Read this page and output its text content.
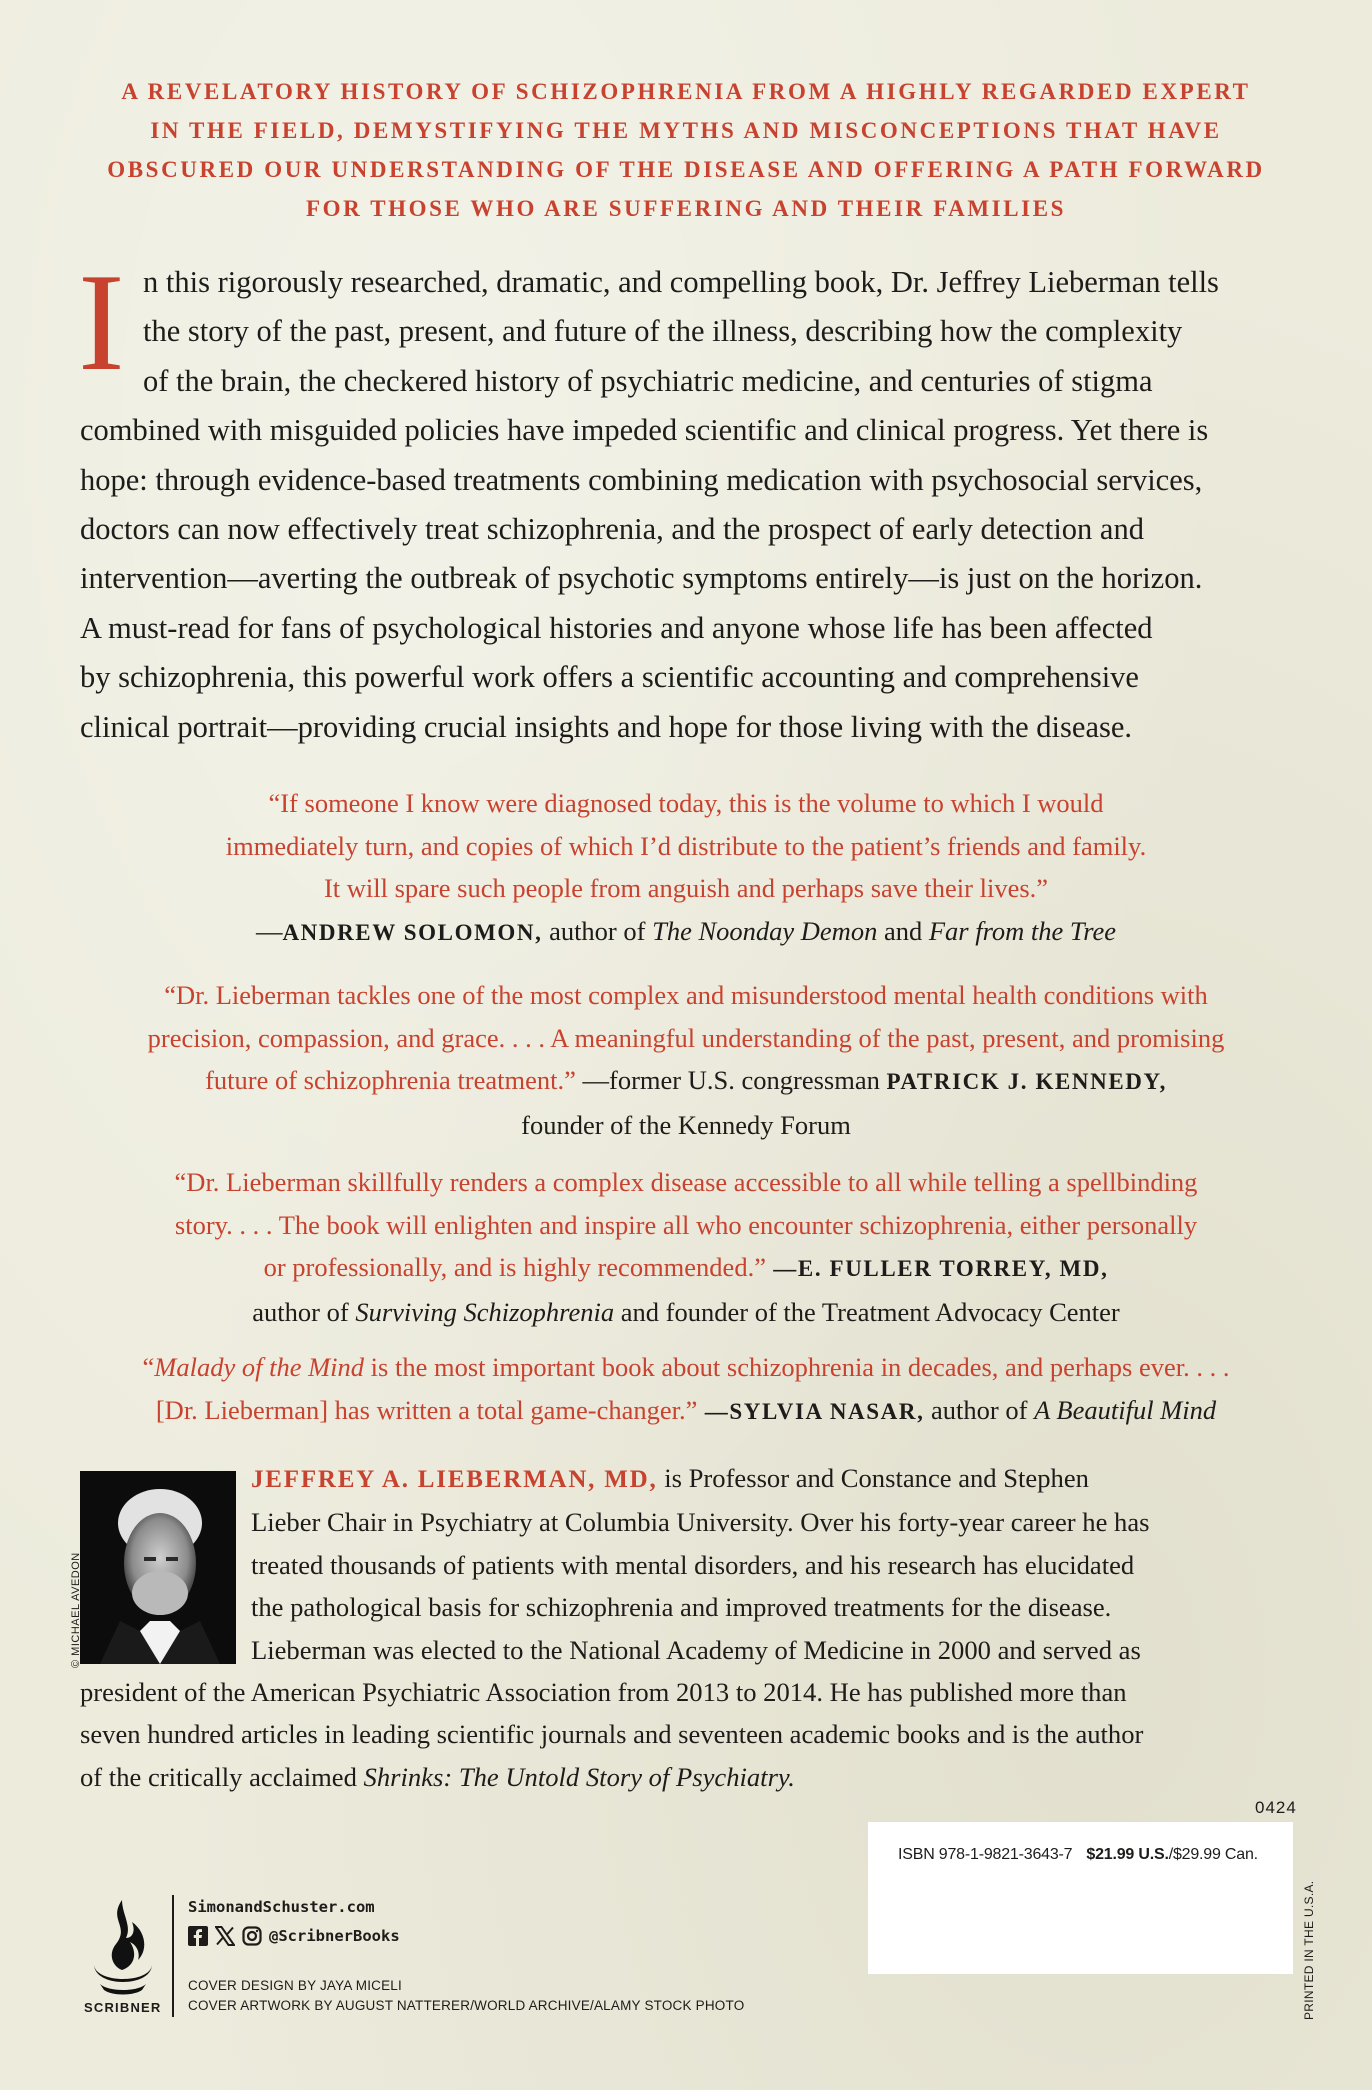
A REVELATORY HISTORY OF SCHIZOPHRENIA FROM A HIGHLY REGARDED EXPERT
IN THE FIELD, DEMYSTIFYING THE MYTHS AND MISCONCEPTIONS THAT HAVE
OBSCURED OUR UNDERSTANDING OF THE DISEASE AND OFFERING A PATH FORWARD
FOR THOSE WHO ARE SUFFERING AND THEIR FAMILIES
I n this rigorously researched, dramatic, and compelling book, Dr. Jeffrey Lieberman tells
the story of the past, present, and future of the illness, describing how the complexity
of the brain, the checkered history of psychiatric medicine, and centuries of stigma
combined with misguided policies have impeded scientific and clinical progress. Yet there is
hope: through evidence-based treatments combining medication with psychosocial services,
doctors can now effectively treat schizophrenia, and the prospect of early detection and
intervention—averting the outbreak of psychotic symptoms entirely—is just on the horizon.
A must-read for fans of psychological histories and anyone whose life has been affected
by schizophrenia, this powerful work offers a scientific accounting and comprehensive
clinical portrait—providing crucial insights and hope for those living with the disease.
“If someone I know were diagnosed today, this is the volume to which I would
immediately turn, and copies of which I’d distribute to the patient’s friends and family.
It will spare such people from anguish and perhaps save their lives.”
—ANDREW SOLOMON, author of The Noonday Demon and Far from the Tree
“Dr. Lieberman tackles one of the most complex and misunderstood mental health conditions with
precision, compassion, and grace. . . . A meaningful understanding of the past, present, and promising
future of schizophrenia treatment.” —former U.S. congressman PATRICK J. KENNEDY,
founder of the Kennedy Forum
“Dr. Lieberman skillfully renders a complex disease accessible to all while telling a spellbinding
story. . . . The book will enlighten and inspire all who encounter schizophrenia, either personally
or professionally, and is highly recommended.” —E. FULLER TORREY, MD,
author of Surviving Schizophrenia and founder of the Treatment Advocacy Center
“Malady of the Mind is the most important book about schizophrenia in decades, and perhaps ever. . . .
[Dr. Lieberman] has written a total game-changer.” —SYLVIA NASAR, author of A Beautiful Mind
© MICHAEL AVEDON
JEFFREY A. LIEBERMAN, MD, is Professor and Constance and Stephen
Lieber Chair in Psychiatry at Columbia University. Over his forty-year career he has
treated thousands of patients with mental disorders, and his research has elucidated
the pathological basis for schizophrenia and improved treatments for the disease.
Lieberman was elected to the National Academy of Medicine in 2000 and served as
president of the American Psychiatric Association from 2013 to 2014. He has published more than
seven hundred articles in leading scientific journals and seventeen academic books and is the author
of the critically acclaimed Shrinks: The Untold Story of Psychiatry.
0424
ISBN 978-1-9821-3643-7 $21.99 U.S./$29.99 Can.
PRINTED IN THE U.S.A.
SCRIBNER
SimonandSchuster.com
@ScribnerBooks
COVER DESIGN BY JAYA MICELI
COVER ARTWORK BY AUGUST NATTERER/WORLD ARCHIVE/ALAMY STOCK PHOTO
